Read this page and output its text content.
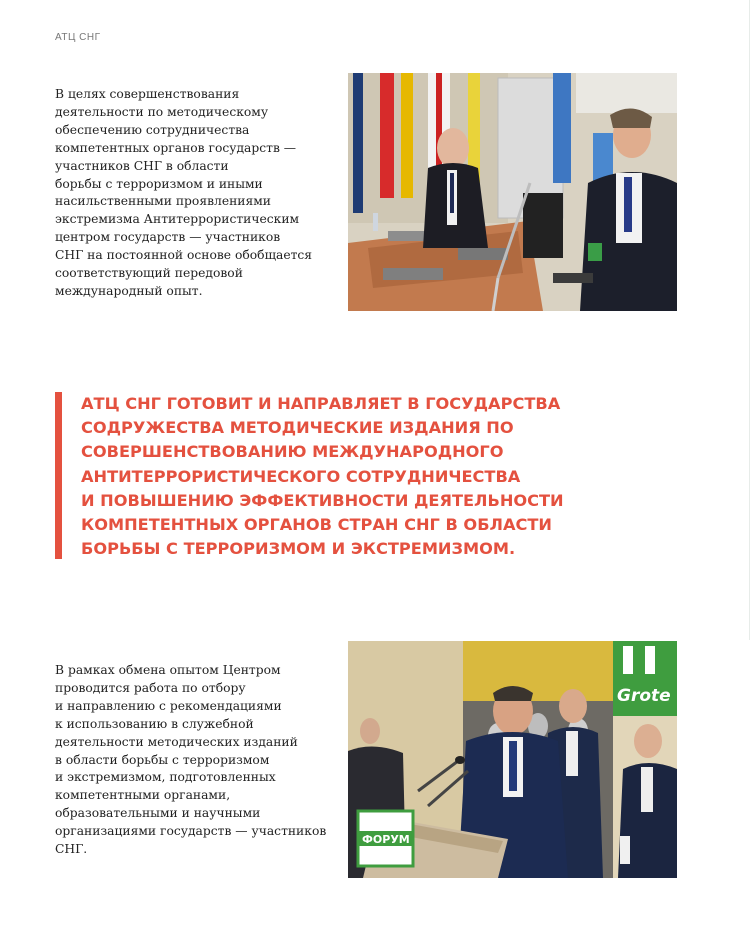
АТЦ СНГ

В целях совершенствования
деятельности по методическому
обеспечению сотрудничества
компетентных органов государств —
участников СНГ в области
борьбы с терроризмом и иными
насильственными проявлениями
экстремизма Антитеррористическим
центром государств — участников
СНГ на постоянной основе обобщается
соответствующий передовой
международный опыт.

АТЦ СНГ ГОТОВИТ И НАПРАВЛЯЕТ В ГОСУДАРСТВА
СОДРУЖЕСТВА МЕТОДИЧЕСКИЕ ИЗДАНИЯ ПО
СОВЕРШЕНСТВОВАНИЮ МЕЖДУНАРОДНОГО
АНТИТЕРРОРИСТИЧЕСКОГО СОТРУДНИЧЕСТВА
И ПОВЫШЕНИЮ ЭФФЕКТИВНОСТИ ДЕЯТЕЛЬНОСТИ
КОМПЕТЕНТНЫХ ОРГАНОВ СТРАН СНГ В ОБЛАСТИ
БОРЬБЫ С ТЕРРОРИЗМОМ И ЭКСТРЕМИЗМОМ.

В рамках обмена опытом Центром
проводится работа по отбору
и направлению с рекомендациями
к использованию в служебной
деятельности методических изданий
в области борьбы с терроризмом
и экстремизмом, подготовленных
компетентными органами,
образовательными и научными
организациями государств — участников
СНГ.

Grote
ФОРУМ
